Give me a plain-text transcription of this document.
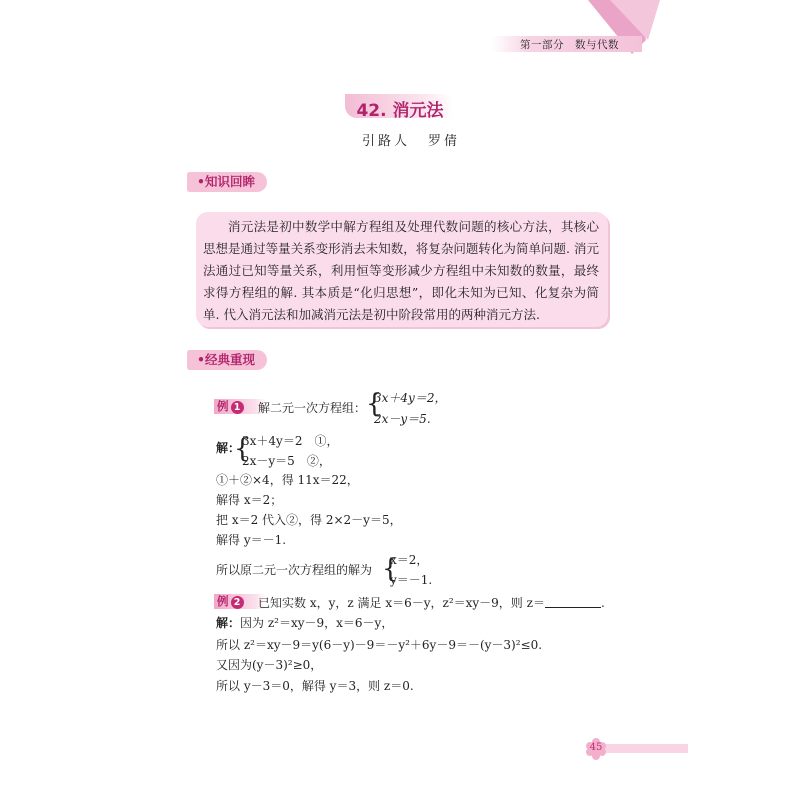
第一部分　数与代数
42. 消元法
引路人 罗倩
•知识回眸
消元法是初中数学中解方程组及处理代数问题的核心方法，其核心思想是通过等量关系变形消去未知数，将复杂问题转化为简单问题. 消元法通过已知等量关系，利用恒等变形减少方程组中未知数的数量，最终求得方程组的解. 其本质是“化归思想”，即化未知为已知、化复杂为简单. 代入消元法和加减消元法是初中阶段常用的两种消元方法.
•经典重现
例 1	解二元一次方程组： {
3x＋4y＝2，
2x－y＝5.
解：
{
3x＋4y＝2　①，
2x－y＝5　②，
①＋②×4，得 11x＝22，
解得 x＝2；
把 x＝2 代入②，得 2×2－y＝5，
解得 y＝－1.
所以原二元一次方程组的解为 {
x＝2，
y＝－1.
例 2	已知实数 x，y，z 满足 x＝6－y，z²＝xy－9，则 z＝	.
解：因为 z²＝xy－9，x＝6－y，
所以 z²＝xy－9＝y(6－y)－9＝－y²＋6y－9＝－(y－3)²≤0.
又因为(y－3)²≥0，
所以 y－3＝0，解得 y＝3，则 z＝0.
45
